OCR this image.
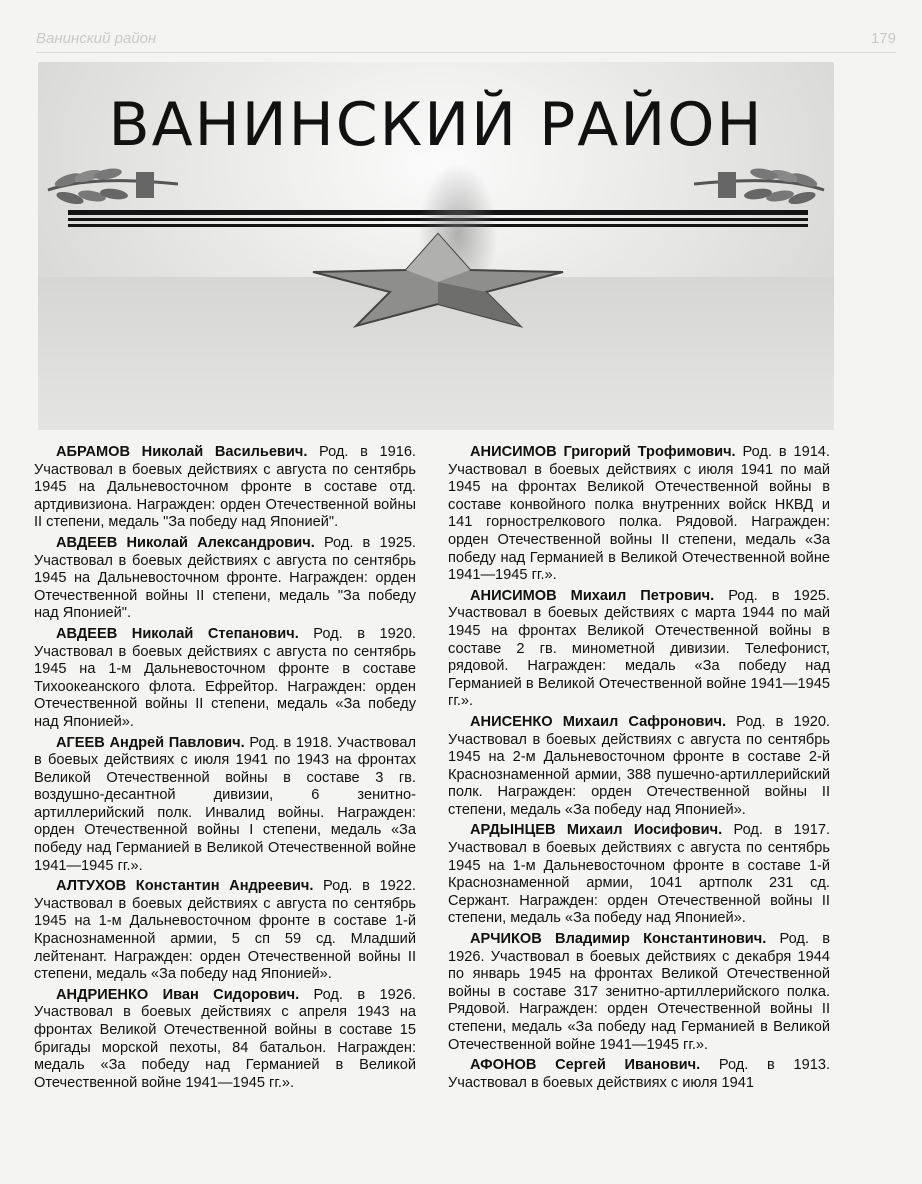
Ванинский район	179
ВАНИНСКИЙ РАЙОН

АБРАМОВ Николай Васильевич. Род. в 1916. Участвовал в боевых действиях с августа по сентябрь 1945 на Дальневосточном фронте в составе отд. артдивизиона. Награжден: орден Отечественной войны II степени, медаль "За победу над Японией".

АВДЕЕВ Николай Александрович. Род. в 1925. Участвовал в боевых действиях с августа по сентябрь 1945 на Дальневосточном фронте. Награжден: орден Отечественной войны II степени, медаль "За победу над Японией".

АВДЕЕВ Николай Степанович. Род. в 1920. Участвовал в боевых действиях с августа по сентябрь 1945 на 1-м Дальневосточном фронте в составе Тихоокеанского флота. Ефрейтор. Награжден: орден Отечественной войны II степени, медаль «За победу над Японией».

АГЕЕВ Андрей Павлович. Род. в 1918. Участвовал в боевых действиях с июля 1941 по 1943 на фронтах Великой Отечественной войны в составе 3 гв. воздушно-десантной дивизии, 6 зенитно-артиллерийский полк. Инвалид войны. Награжден: орден Отечественной войны I степени, медаль «За победу над Германией в Великой Отечественной войне 1941—1945 гг.».

АЛТУХОВ Константин Андреевич. Род. в 1922. Участвовал в боевых действиях с августа по сентябрь 1945 на 1-м Дальневосточном фронте в составе 1-й Краснознаменной армии, 5 сп 59 сд. Младший лейтенант. Награжден: орден Отечественной войны II степени, медаль «За победу над Японией».

АНДРИЕНКО Иван Сидорович. Род. в 1926. Участвовал в боевых действиях с апреля 1943 на фронтах Великой Отечественной войны в составе 15 бригады морской пехоты, 84 батальон. Награжден: медаль «За победу над Германией в Великой Отечественной войне 1941—1945 гг.».

АНИСИМОВ Григорий Трофимович. Род. в 1914. Участвовал в боевых действиях с июля 1941 по май 1945 на фронтах Великой Отечественной войны в составе конвойного полка внутренних войск НКВД и 141 горнострелкового полка. Рядовой. Награжден: орден Отечественной войны II степени, медаль «За победу над Германией в Великой Отечественной войне 1941—1945 гг.».

АНИСИМОВ Михаил Петрович. Род. в 1925. Участвовал в боевых действиях с марта 1944 по май 1945 на фронтах Великой Отечественной войны в составе 2 гв. минометной дивизии. Телефонист, рядовой. Награжден: медаль «За победу над Германией в Великой Отечественной войне 1941—1945 гг.».

АНИСЕНКО Михаил Сафронович. Род. в 1920. Участвовал в боевых действиях с августа по сентябрь 1945 на 2-м Дальневосточном фронте в составе 2-й Краснознаменной армии, 388 пушечно-артиллерийский полк. Награжден: орден Отечественной войны II степени, медаль «За победу над Японией».

АРДЫНЦЕВ Михаил Иосифович. Род. в 1917. Участвовал в боевых действиях с августа по сентябрь 1945 на 1-м Дальневосточном фронте в составе 1-й Краснознаменной армии, 1041 артполк 231 сд. Сержант. Награжден: орден Отечественной войны II степени, медаль «За победу над Японией».

АРЧИКОВ Владимир Константинович. Род. в 1926. Участвовал в боевых действиях с декабря 1944 по январь 1945 на фронтах Великой Отечественной войны в составе 317 зенитно-артиллерийского полка. Рядовой. Награжден: орден Отечественной войны II степени, медаль «За победу над Германией в Великой Отечественной войне 1941—1945 гг.».

АФОНОВ Сергей Иванович. Род. в 1913. Участвовал в боевых действиях с июля 1941
